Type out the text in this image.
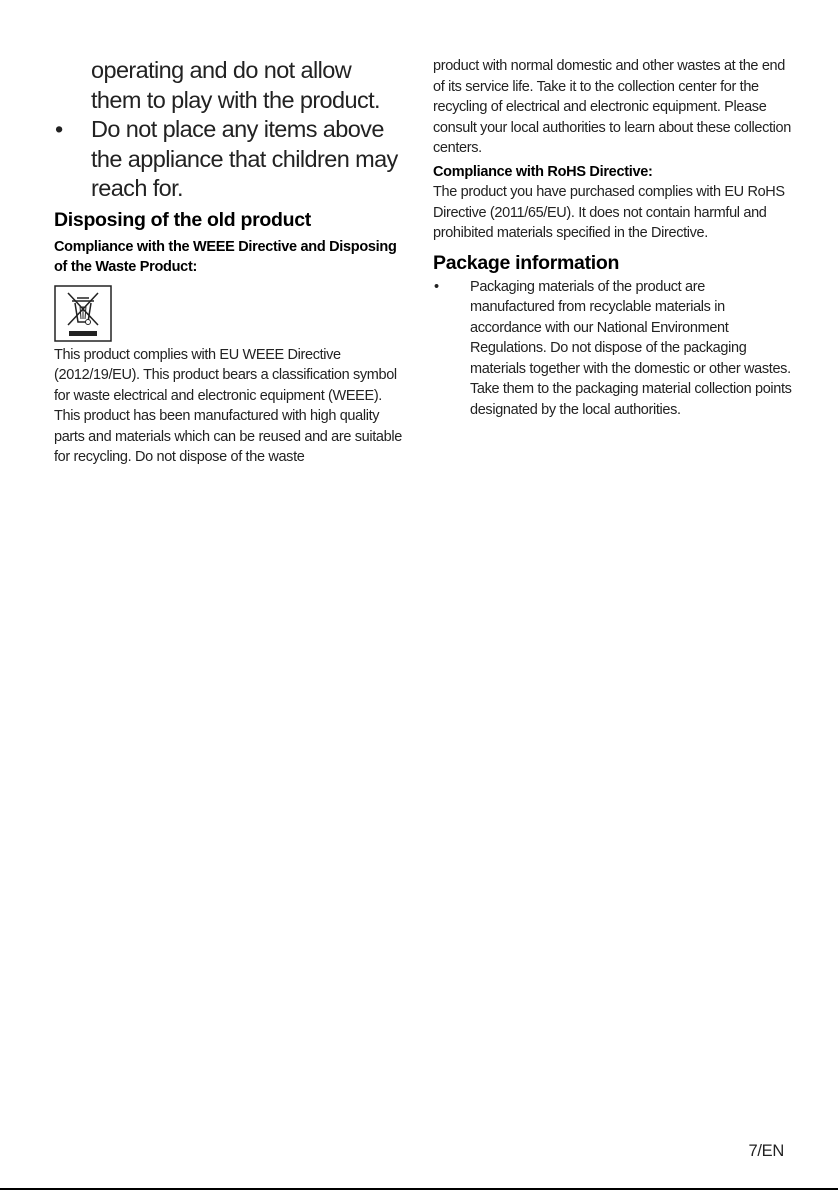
operating and do not allow them to play with the product.
• Do not place any items above the appliance that children may reach for.
Disposing of the old product
Compliance with the WEEE Directive and Disposing of the Waste Product:

This product complies with EU WEEE Directive (2012/19/EU). This product bears a classification symbol for waste electrical and electronic equipment (WEEE).

This product has been manufactured with high quality parts and materials which can be reused and are suitable for recycling. Do not dispose of the waste

product with normal domestic and other wastes at the end of its service life. Take it to the collection center for the recycling of electrical and electronic equipment. Please consult your local authorities to learn about these collection centers.

Compliance with RoHS Directive:

The product you have purchased complies with EU RoHS Directive (2011/65/EU). It does not contain harmful and prohibited materials specified in the Directive.

Package information
• Packaging materials of the product are manufactured from recyclable materials in accordance with our National Environment Regulations. Do not dispose of the packaging materials together with the domestic or other wastes. Take them to the packaging material collection points designated by the local authorities.
7/EN
